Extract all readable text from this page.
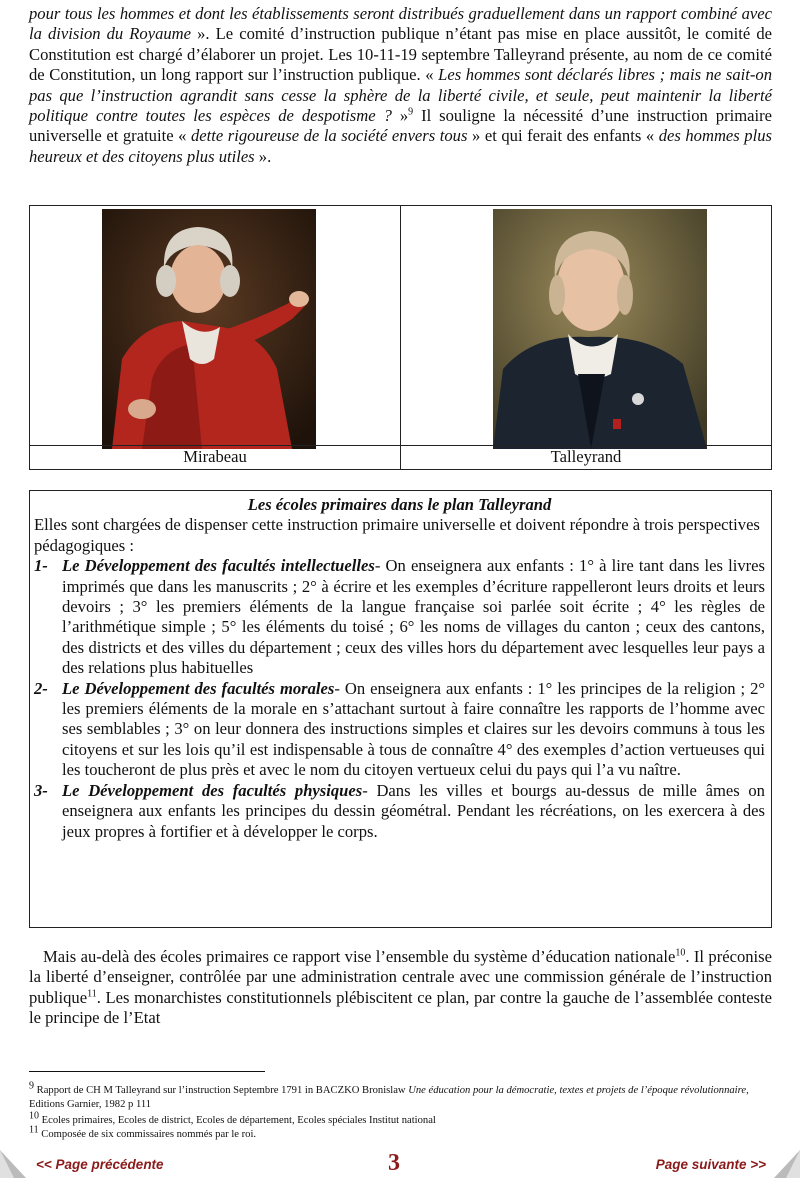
pour tous les hommes et dont les établissements seront distribués graduellement dans un rapport combiné avec la division du Royaume ». Le comité d’instruction publique n’étant pas mise en place aussitôt, le comité de Constitution est chargé d’élaborer un projet. Les 10-11-19 septembre Talleyrand présente, au nom de ce comité de Constitution, un long rapport sur l’instruction publique. « Les hommes sont déclarés libres ; mais ne sait-on pas que l’instruction agrandit sans cesse la sphère de la liberté civile, et seule, peut maintenir la liberté politique contre toutes les espèces de despotisme ? »$^9$ Il souligne la nécessité d’une instruction primaire universelle et gratuite « dette rigoureuse de la société envers tous » et qui ferait des enfants « des hommes plus heureux et des citoyens plus utiles ».

Mirabeau	Talleyrand

Les écoles primaires dans le plan Talleyrand

Elles sont chargées de dispenser cette instruction primaire universelle et doivent répondre à trois perspectives pédagogiques :

1- Le Développement des facultés intellectuelles- On enseignera aux enfants : 1° à lire tant dans les livres imprimés que dans les manuscrits ; 2° à écrire et les exemples d’écriture rappelleront leurs droits et leurs devoirs ; 3° les premiers éléments de la langue française soi parlée soit écrite ; 4° les règles de l’arithmétique simple ; 5° les éléments du toisé ; 6° les noms de villages du canton ; ceux des cantons, des districts et des villes du département ; ceux des villes hors du département avec lesquelles leur pays a des relations plus habituelles
2- Le Développement des facultés morales- On enseignera aux enfants : 1° les principes de la religion ; 2° les premiers éléments de la morale en s’attachant surtout à faire connaître les rapports de l’homme avec ses semblables ; 3° on leur donnera des instructions simples et claires sur les devoirs communs à tous les citoyens et sur les lois qu’il est indispensable à tous de connaître 4° des exemples d’action vertueuses qui les toucheront de plus près et avec le nom du citoyen vertueux celui du pays qui l’a vu naître.
3- Le Développement des facultés physiques- Dans les villes et bourgs au-dessus de mille âmes on enseignera aux enfants les principes du dessin géométral. Pendant les récréations, on les exercera à des jeux propres à fortifier et à développer le corps.

Mais au-delà des écoles primaires ce rapport vise l’ensemble du système d’éducation nationale$^{10}$. Il préconise la liberté d’enseigner, contrôlée par une administration centrale avec une commission générale de l’instruction publique$^{11}$. Les monarchistes constitutionnels plébiscitent ce plan, par contre la gauche de l’assemblée conteste le principe de l’Etat

$^9$ Rapport de CH M Talleyrand sur l’instruction Septembre 1791 in BACZKO Bronislaw Une éducation pour la démocratie, textes et projets de l’époque révolutionnaire, Editions Garnier, 1982 p 111

$^{10}$ Ecoles primaires, Ecoles de district, Ecoles de département, Ecoles spéciales Institut national

$^{11}$ Composée de six commissaires nommés par le roi.

<< Page précédente	3	Page suivante >>
